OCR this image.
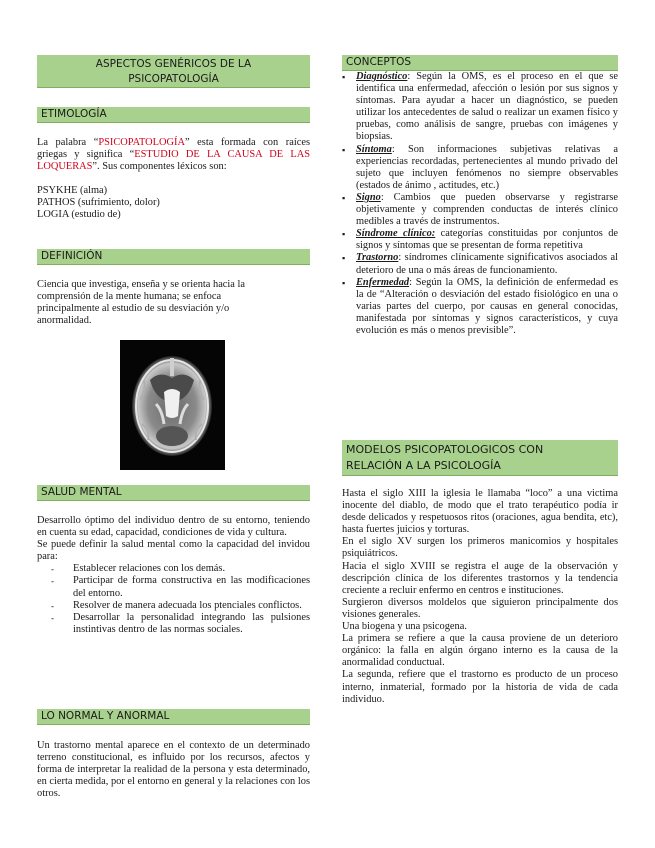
ASPECTOS GENÉRICOS DE LA
PSICOPATOLOGÍA
ETIMOLOGÍA

La palabra “PSICOPATOLOGÍA” esta formada con raíces griegas y significa “ESTUDIO DE LA CAUSA DE LAS LOQUERAS”. Sus componentes léxicos son:

PSYKHE (alma)
PATHOS (sufrimiento, dolor)
LOGIA (estudio de)
DEFINICIÓN
Ciencia que investiga, enseña y se orienta hacia la comprensión de la mente humana; se enfoca principalmente al estudio de su desviación y/o anormalidad.
SALUD MENTAL

Desarrollo óptimo del individuo dentro de su entorno, teniendo en cuenta su edad, capacidad, condiciones de vida y cultura.

Se puede definir la salud mental como la capacidad del invidou para:

- Establecer relaciones con los demás.
- Participar de forma constructiva en las modificaciones del entorno.
- Resolver de manera adecuada los ptenciales conflictos.
- Desarrollar la personalidad integrando las pulsiones instintivas dentro de las normas sociales.
LO NORMAL Y ANORMAL
Un trastorno mental aparece en el contexto de un determinado terreno constitucional, es influido por los recursos, afectos y forma de interpretar la realidad de la persona y esta determinado, en cierta medida, por el entorno en general y la relaciones con los otros.
CONCEPTOS
▪ Diagnóstico: Según la OMS, es el proceso en el que se identifica una enfermedad, afección o lesión por sus signos y síntomas. Para ayudar a hacer un diagnóstico, se pueden utilizar los antecedentes de salud o realizar un examen físico y pruebas, como análisis de sangre, pruebas con imágenes y biopsias.
▪ Síntoma: Son informaciones subjetivas relativas a experiencias recordadas, pertenecientes al mundo privado del sujeto que incluyen fenómenos no siempre observables (estados de ánimo , actitudes, etc.)
▪ Signo: Cambios que pueden observarse y registrarse objetivamente y comprenden conductas de interés clínico medibles a través de instrumentos.
▪ Síndrome clínico: categorías constituidas por conjuntos de signos y síntomas que se presentan de forma repetitiva
▪ Trastorno: síndromes clínicamente significativos asociados al deterioro de una o más áreas de funcionamiento.
▪ Enfermedad: Según la OMS, la definición de enfermedad es la de “Alteración o desviación del estado fisiológico en una o varias partes del cuerpo, por causas en general conocidas, manifestada por síntomas y signos característicos, y cuya evolución es más o menos previsible”.
MODELOS PSICOPATOLOGICOS CON
RELACIÓN A LA PSICOLOGÍA

Hasta el siglo XIII la iglesia le llamaba “loco” a una victima inocente del diablo, de modo que el trato terapéutico podía ir desde delicados y respetuosos ritos (oraciones, agua bendita, etc), hasta fuertes juicios y torturas.

En el siglo XV surgen los primeros manicomios y hospitales psiquiátricos.

Hacia el siglo XVIII se registra el auge de la observación y descripción clínica de los diferentes trastornos y la tendencia creciente a recluir enfermo en centros e instituciones.

Surgieron diversos moldelos que siguieron principalmente dos visiones generales.

Una biogena y una psicogena.

La primera se refiere a que la causa proviene de un deterioro orgánico: la falla en algún órgano interno es la causa de la anormalidad conductual.

La segunda, refiere que el trastorno es producto de un proceso interno, inmaterial, formado por la historia de vida de cada individuo.
